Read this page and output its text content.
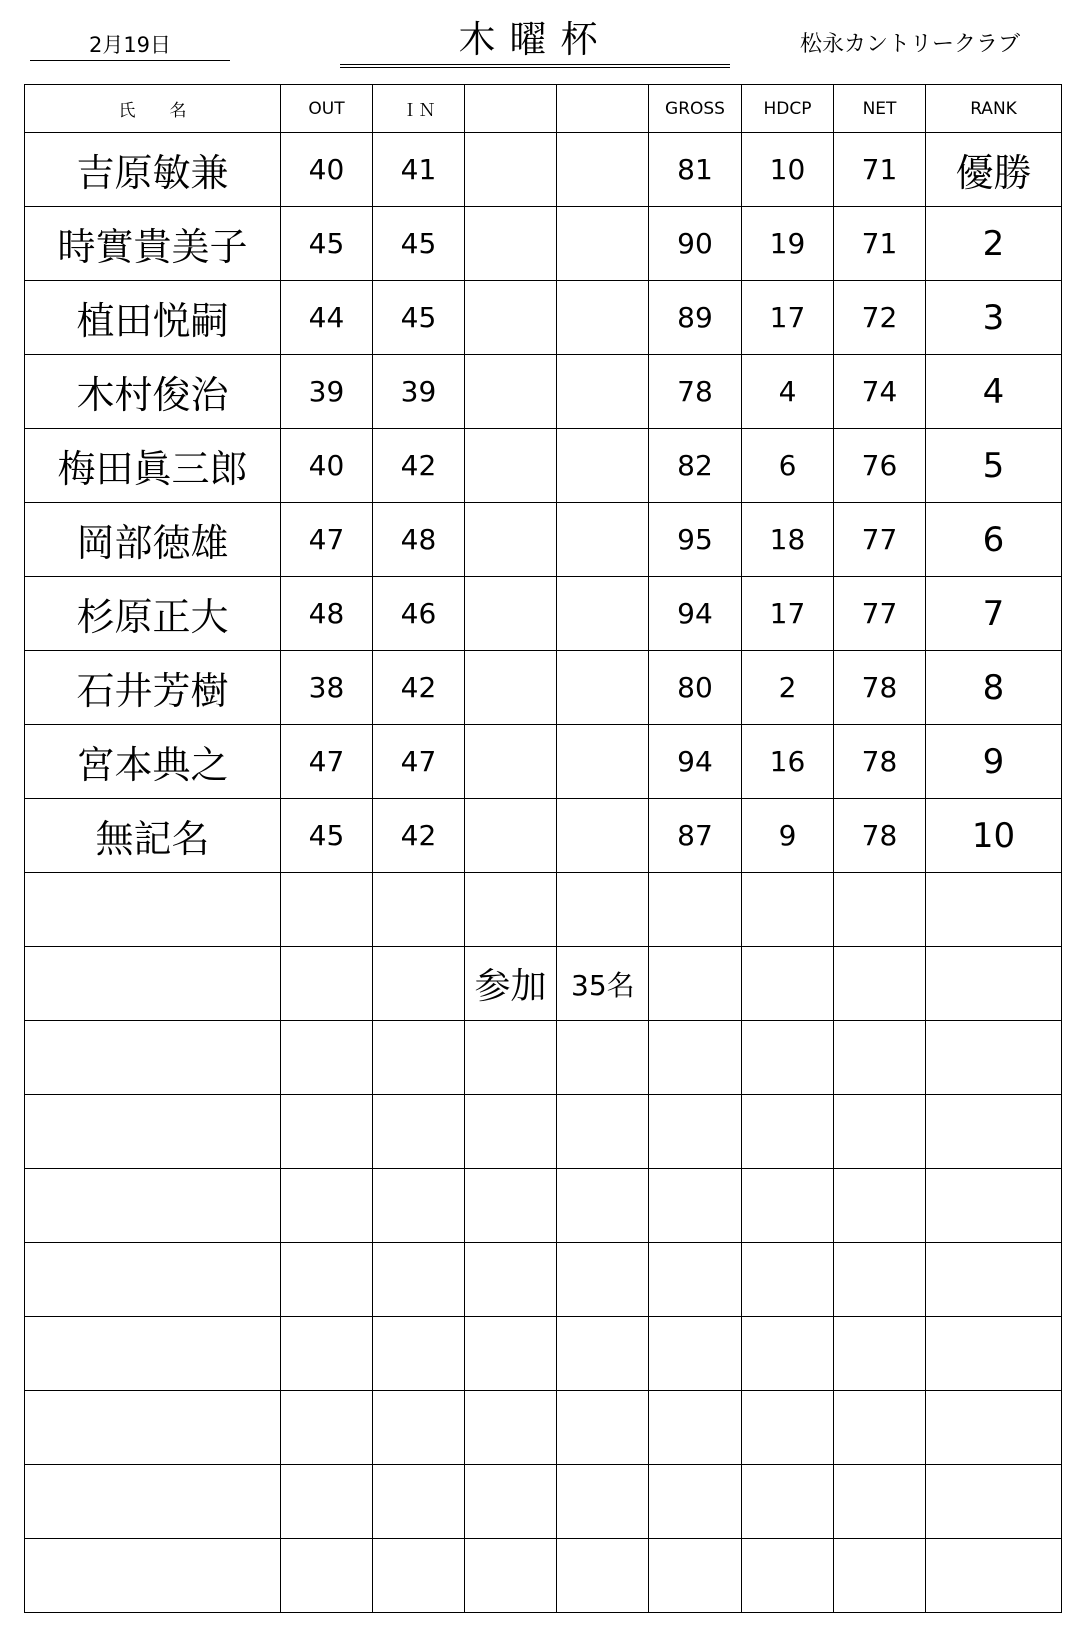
2月19日	木曜杯	松永カントリークラブ
氏　　名	OUT	ＩＮ			GROSS	HDCP	NET	RANK
吉原敏兼	40	41			81	10	71	優勝
時實貴美子	45	45			90	19	71	2
植田悦嗣	44	45			89	17	72	3
木村俊治	39	39			78	4	74	4
梅田眞三郎	40	42			82	6	76	5
岡部徳雄	47	48			95	18	77	6
杉原正大	48	46			94	17	77	7
石井芳樹	38	42			80	2	78	8
宮本典之	47	47			94	16	78	9
無記名	45	42			87	9	78	10

			参加	35名				
